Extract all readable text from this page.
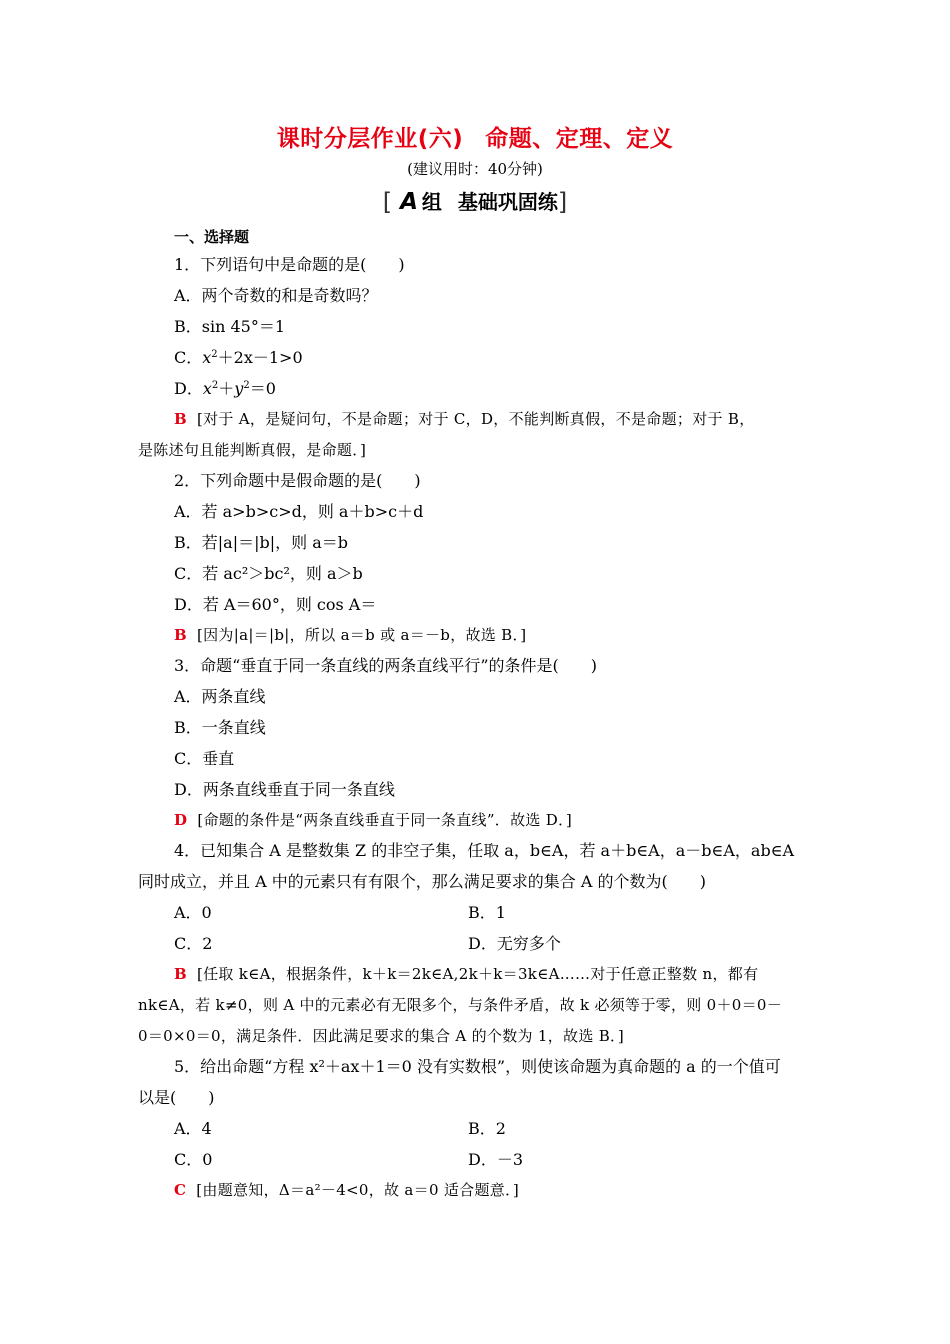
课时分层作业(六) 命题、定理、定义
(建议用时：40分钟)
[ A 组 基础巩固练]
一、选择题
1．下列语句中是命题的是(　　)
A．两个奇数的和是奇数吗？
B．sin 45°＝1
C．$x^2+2x-1>0$
D．$x^2+y^2=0$
B [对于 A，是疑问句，不是命题；对于 C，D，不能判断真假，不是命题；对于 B，
是陈述句且能判断真假，是命题．]
2．下列命题中是假命题的是(　　)
A．若 a>b>c>d，则 a＋b>c＋d
B．若|a|＝|b|，则 a＝b
C．若 ac²＞bc²，则 a＞b
D．若 A＝60°，则 cos A＝
B [因为|a|＝|b|，所以 a＝b 或 a＝－b，故选 B．]
3．命题“垂直于同一条直线的两条直线平行”的条件是(　　)
A．两条直线
B．一条直线
C．垂直
D．两条直线垂直于同一条直线
D [命题的条件是“两条直线垂直于同一条直线”．故选 D．]
4．已知集合 A 是整数集 Z 的非空子集，任取 a，b∈A，若 a＋b∈A，a－b∈A，ab∈A
同时成立，并且 A 中的元素只有有限个，那么满足要求的集合 A 的个数为(　　)
A．0	B．1
C．2	D．无穷多个
B [任取 k∈A，根据条件，k＋k＝2k∈A,2k＋k＝3k∈A……对于任意正整数 n，都有
nk∈A，若 k≠0，则 A 中的元素必有无限多个，与条件矛盾，故 k 必须等于零，则 0＋0＝0－
0＝0×0＝0，满足条件．因此满足要求的集合 A 的个数为 1，故选 B．]
5．给出命题“方程 x²＋ax＋1＝0 没有实数根”，则使该命题为真命题的 a 的一个值可
以是(　　)
A．4	B．2
C．0	D．－3
C [由题意知，Δ＝a²－4<0，故 a＝0 适合题意．]
